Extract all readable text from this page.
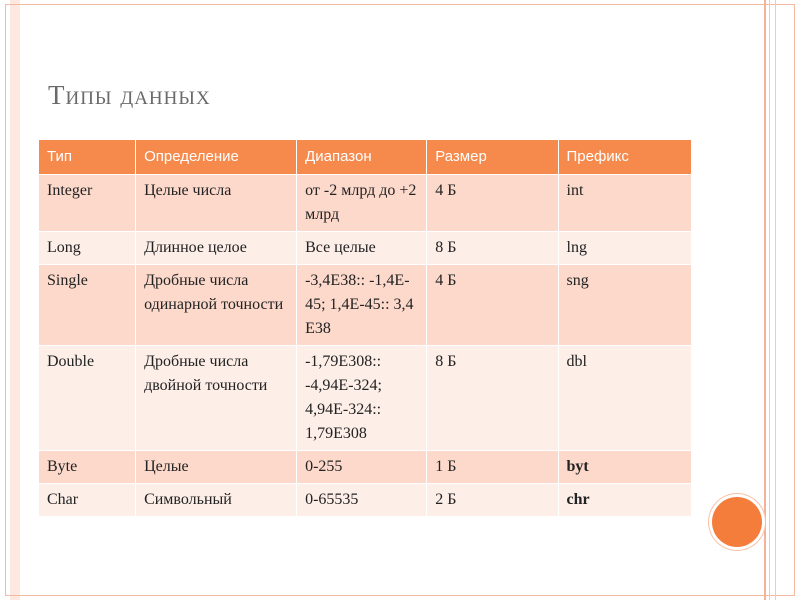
Типы данных
Тип	Определение	Диапазон	Размер	Префикс
Integer	Целые числа	от -2 млрд до +2 млрд	4 Б	int
Long	Длинное целое	Все целые	8 Б	lng
Single	Дробные числа одинарной точности	-3,4E38:: -1,4E-45; 1,4E-45:: 3,4 E38	4 Б	sng
Double	Дробные числа двойной точности	-1,79E308:: -4,94E-324; 4,94E-324:: 1,79E308	8 Б	dbl
Byte	Целые	0-255	1 Б	byt
Char	Символьный	0-65535	2 Б	chr
